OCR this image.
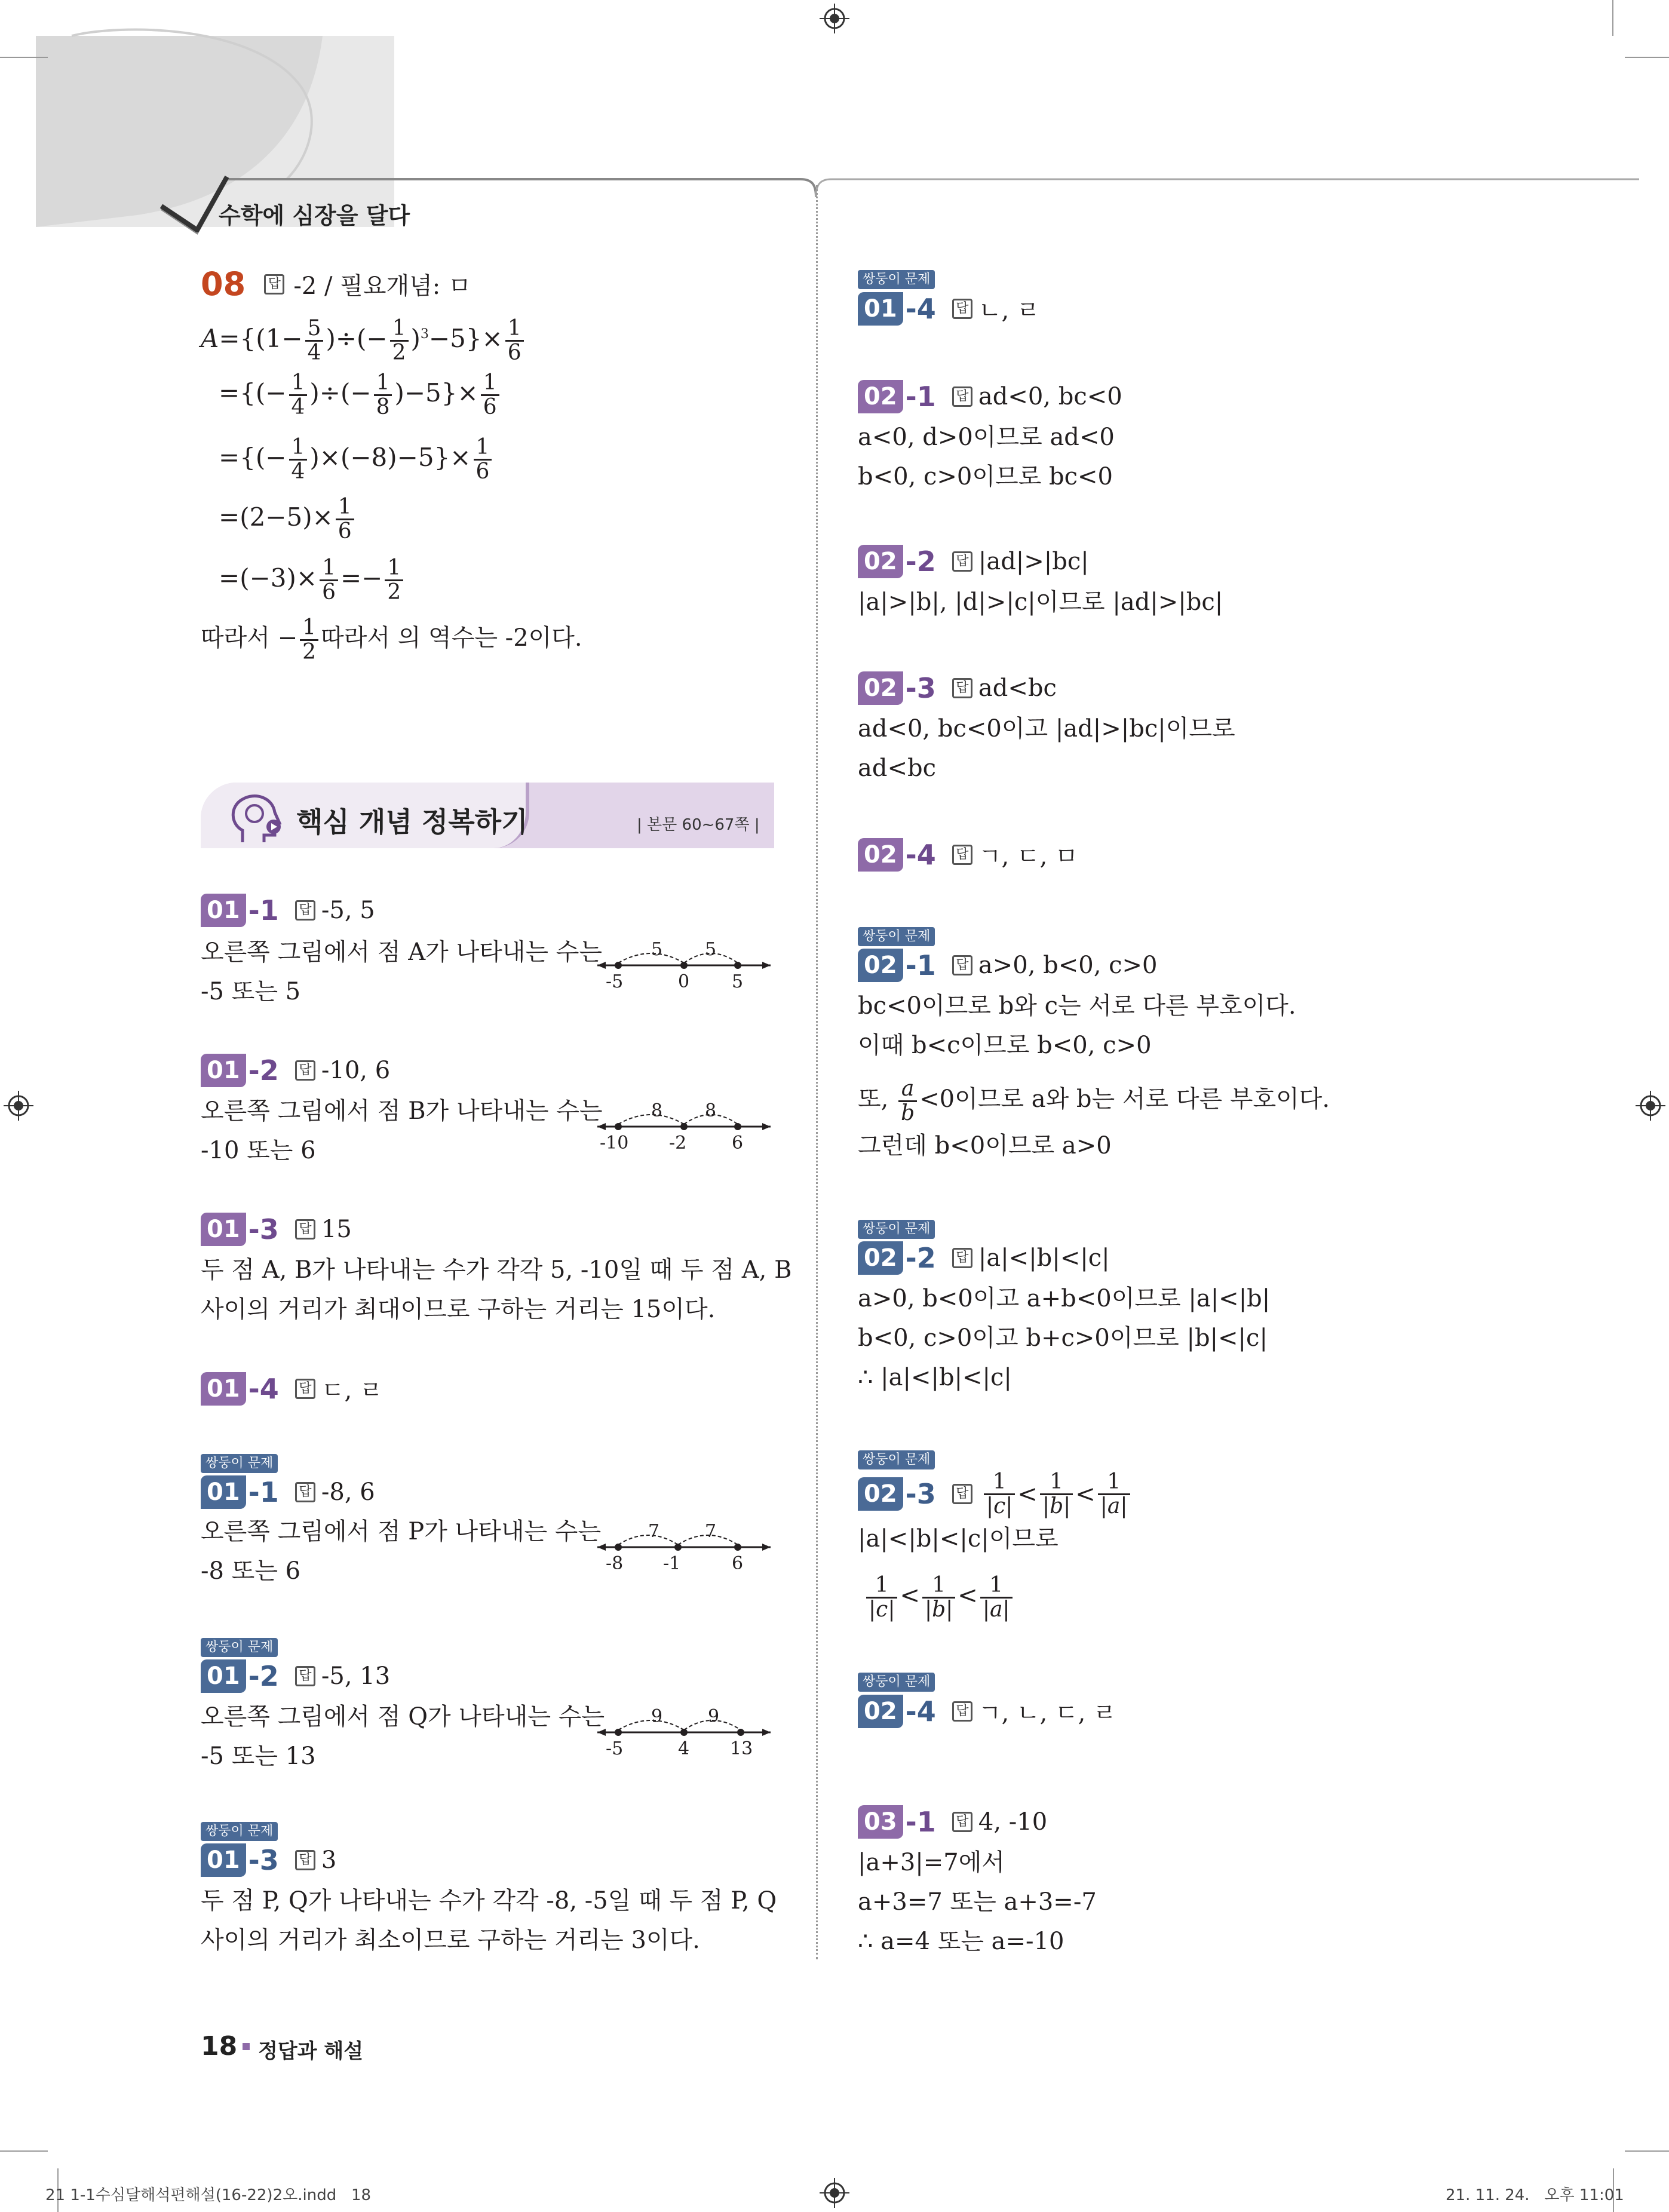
수학에 심장을 달다
08 답 -2 / 필요개념: ㅁ
$A=\{(1- \frac{5}{4}$ )÷(− $\frac{1}{2} )^3-5\}\times \frac{1}{6}$
={(− $\frac{1}{4}$ )÷(− $\frac{1}{8} )-5\}\times \frac{1}{6}$
={(− $\frac{1}{4} )\times(-8)-5\}\times \frac{1}{6}$
$=(2-5)\times \frac{1}{6}$
$=(-3)\times \frac{1}{6} =- \frac{1}{2}$
따라서 − $\frac{1}{2}$ 따라서 의 역수는 -2이다.
핵심 개념 정복하기	| 본문 60~67쪽 |
01 -1 답 -5, 5
오른쪽 그림에서 점 A가 나타내는 수는
-5 또는 5
01 -2 답 -10, 6
오른쪽 그림에서 점 B가 나타내는 수는
-10 또는 6
01 -3 답 15
두 점 A, B가 나타내는 수가 각각 5, -10일 때 두 점 A, B
사이의 거리가 최대이므로 구하는 거리는 15이다.
01 -4 답 ㄷ, ㄹ
쌍둥이 문제
01 -1 답 -8, 6
오른쪽 그림에서 점 P가 나타내는 수는
-8 또는 6
쌍둥이 문제
01 -2 답 -5, 13
오른쪽 그림에서 점 Q가 나타내는 수는
-5 또는 13
쌍둥이 문제
01 -3 답 3
두 점 P, Q가 나타내는 수가 각각 -8, -5일 때 두 점 P, Q
사이의 거리가 최소이므로 구하는 거리는 3이다.
5 5
-5	0 5
8 8
-10 -2	6
7	7
-8 -1	6
9	9
-5	4 13
쌍둥이 문제
01 -4 답 ㄴ, ㄹ
02 -1 답 ad<0, bc<0
a<0, d>0이므로 ad<0
b<0, c>0이므로 bc<0
02 -2 답 |ad|>|bc|
|a|>|b|, |d|>|c|이므로 |ad|>|bc|
02 -3 답 ad<bc
ad<0, bc<0이고 |ad|>|bc|이므로
ad<bc
02 -4 답 ㄱ, ㄷ, ㅁ
쌍둥이 문제
02 -1 답 a>0, b<0, c>0
bc<0이므로 b와 c는 서로 다른 부호이다.
이때 b<c이므로 b<0, c>0
또, $\frac{a}{b} <0$이므로 a와 b는 서로 다른 부호이다.
그런데 b<0이므로 a>0
쌍둥이 문제
02 -2 답 |a|<|b|<|c|
a>0, b<0이고 a+b<0이므로 |a|<|b|
b<0, c>0이고 b+c>0이므로 |b|<|c|
∴ |a|<|b|<|c|
쌍둥이 문제
02 -3 답 $\frac{1}{|c|} < \frac{1}{|b|} < \frac{1}{|a|}$
|a|<|b|<|c|이므로
$\frac{1}{|c|} < \frac{1}{|b|} < \frac{1}{|a|}$
쌍둥이 문제
02 -4 답 ㄱ, ㄴ, ㄷ, ㄹ
03 -1 답 4, -10
|a+3|=7에서
a+3=7 또는 a+3=-7
∴ a=4 또는 a=-10
18 정답과 해설
21 1-1수심달해석편해설(16-22)2오.indd   18	21. 11. 24.   오후 11:01
